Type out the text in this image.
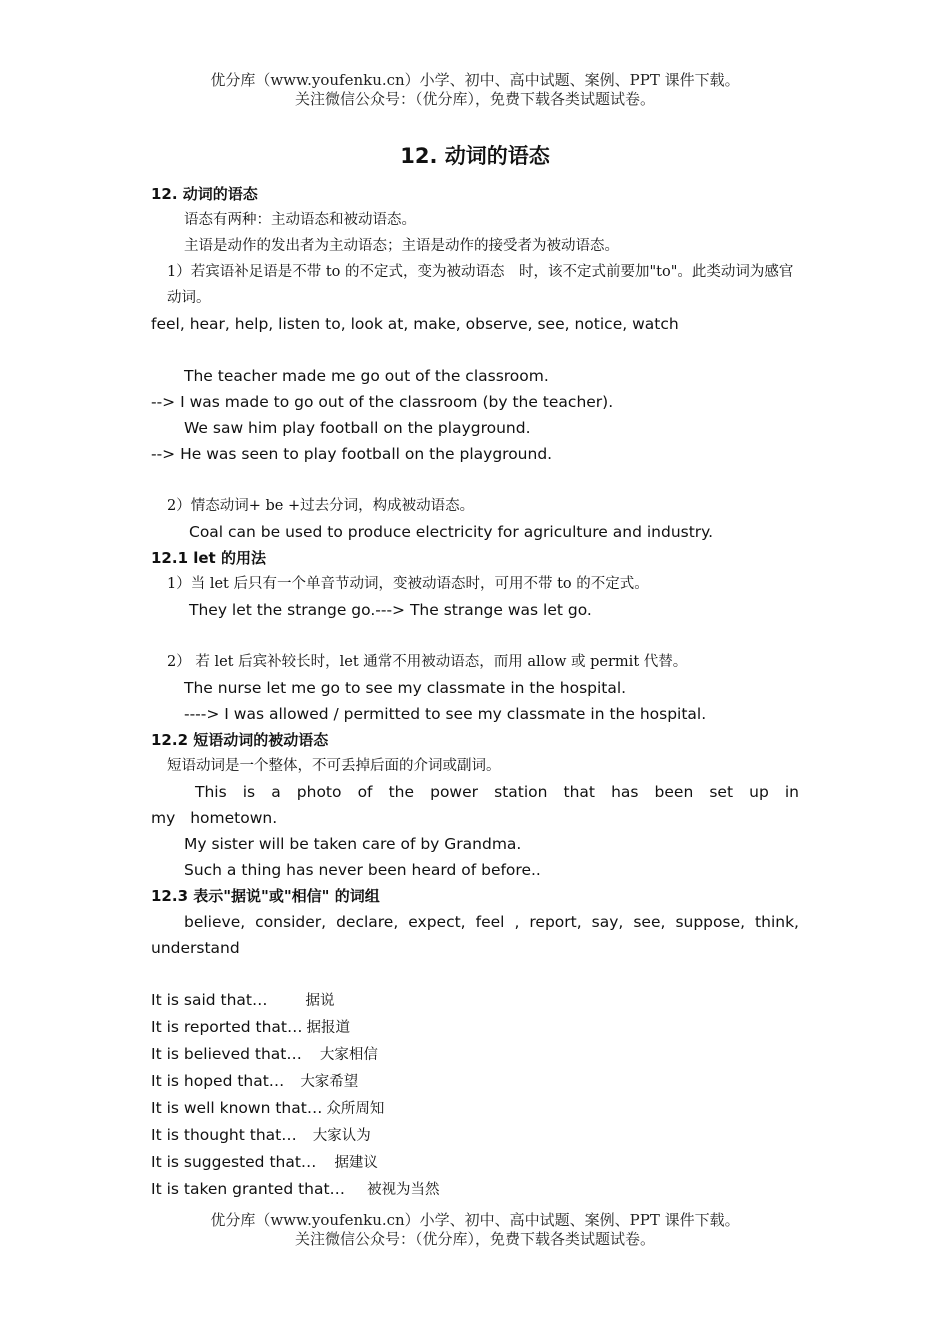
优分库（www.youfenku.cn）小学、初中、高中试题、案例、PPT 课件下载。
关注微信公众号：（优分库），免费下载各类试题试卷。
12. 动词的语态
12. 动词的语态
语态有两种：主动语态和被动语态。
主语是动作的发出者为主动语态；主语是动作的接受者为被动语态。
1）若宾语补足语是不带 to 的不定式，变为被动语态　时，该不定式前要加"to"。此类动词为感官动词。
feel, hear, help, listen to, look at, make, observe, see, notice, watch
The teacher made me go out of the classroom.
--> I was made to go out of the classroom (by the teacher).
We saw him play football on the playground.
--> He was seen to play football on the playground.
2）情态动词+ be +过去分词，构成被动语态。
Coal can be used to produce electricity for agriculture and industry.
12.1 let 的用法
1）当 let 后只有一个单音节动词，变被动语态时，可用不带 to 的不定式。
They let the strange go.---> The strange was let go.
2） 若 let 后宾补较长时，let 通常不用被动语态，而用 allow 或 permit 代替。
The nurse let me go to see my classmate in the hospital.
----> I was allowed / permitted to see my classmate in the hospital.
12.2 短语动词的被动语态
短语动词是一个整体，不可丢掉后面的介词或副词。
This is a photo of the power station that has been set up in my hometown.
My sister will be taken care of by Grandma.
Such a thing has never been heard of before..
12.3 表示"据说"或"相信" 的词组
believe, consider, declare, expect, feel , report, say, see, suppose, think, understand
It is said that…	据说
It is reported that… 据报道
It is believed that… 大家相信
It is hoped that… 大家希望
It is well known that… 众所周知
It is thought that… 大家认为
It is suggested that… 据建议
It is taken granted that… 被视为当然
优分库（www.youfenku.cn）小学、初中、高中试题、案例、PPT 课件下载。
关注微信公众号：（优分库），免费下载各类试题试卷。
